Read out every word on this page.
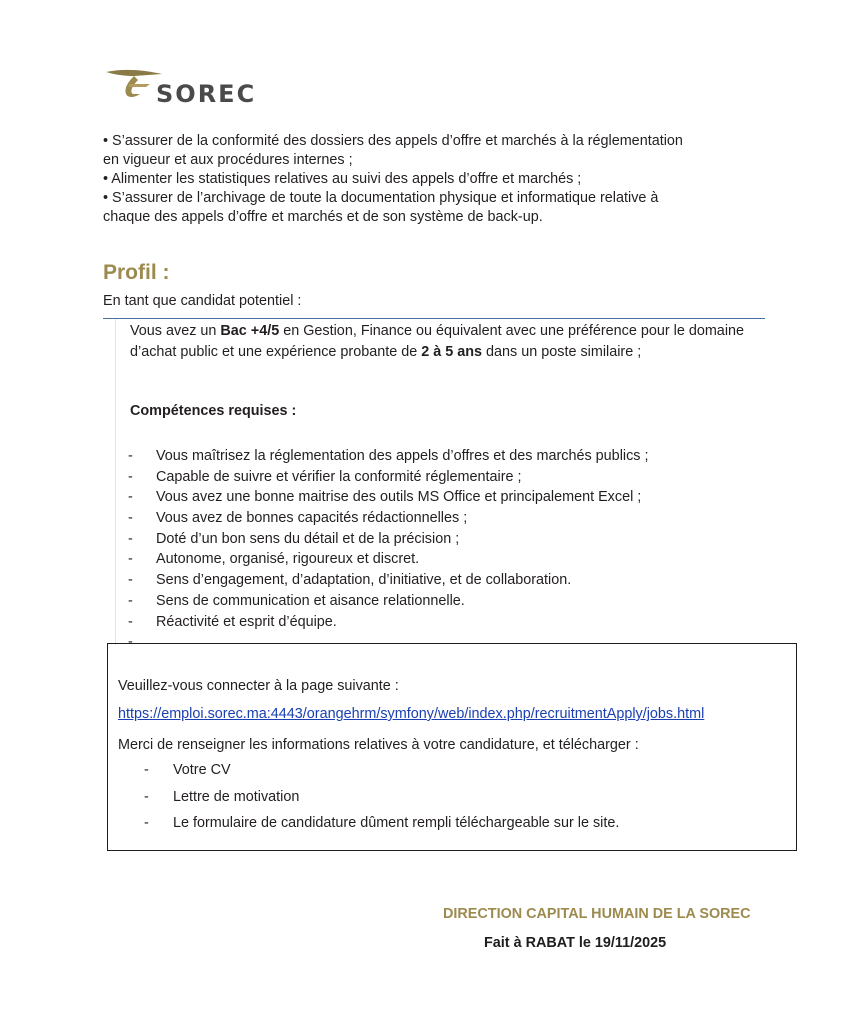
SOREC
• S’assurer de la conformité des dossiers des appels d’offre et marchés à la réglementation
en vigueur et aux procédures internes ;
• Alimenter les statistiques relatives au suivi des appels d’offre et marchés ;
• S’assurer de l’archivage de toute la documentation physique et informatique relative à
chaque des appels d’offre et marchés et de son système de back-up.
Profil :
En tant que candidat potentiel :
Vous avez un Bac +4/5 en Gestion, Finance ou équivalent avec une préférence pour le domaine d’achat public et une expérience probante de 2 à 5 ans dans un poste similaire ;
Compétences requises :
- Vous maîtrisez la réglementation des appels d’offres et des marchés publics ;
- Capable de suivre et vérifier la conformité réglementaire ;
- Vous avez une bonne maitrise des outils MS Office et principalement Excel ;
- Vous avez de bonnes capacités rédactionnelles ;
- Doté d’un bon sens du détail et de la précision ;
- Autonome, organisé, rigoureux et discret.
- Sens d’engagement, d’adaptation, d’initiative, et de collaboration.
- Sens de communication et aisance relationnelle.
- Réactivité et esprit d’équipe.
-
Veuillez-vous connecter à la page suivante :
https://emploi.sorec.ma:4443/orangehrm/symfony/web/index.php/recruitmentApply/jobs.html
Merci de renseigner les informations relatives à votre candidature, et télécharger :
- Votre CV
- Lettre de motivation
- Le formulaire de candidature dûment rempli téléchargeable sur le site.
DIRECTION CAPITAL HUMAIN DE LA SOREC
Fait à RABAT le 19/11/2025
